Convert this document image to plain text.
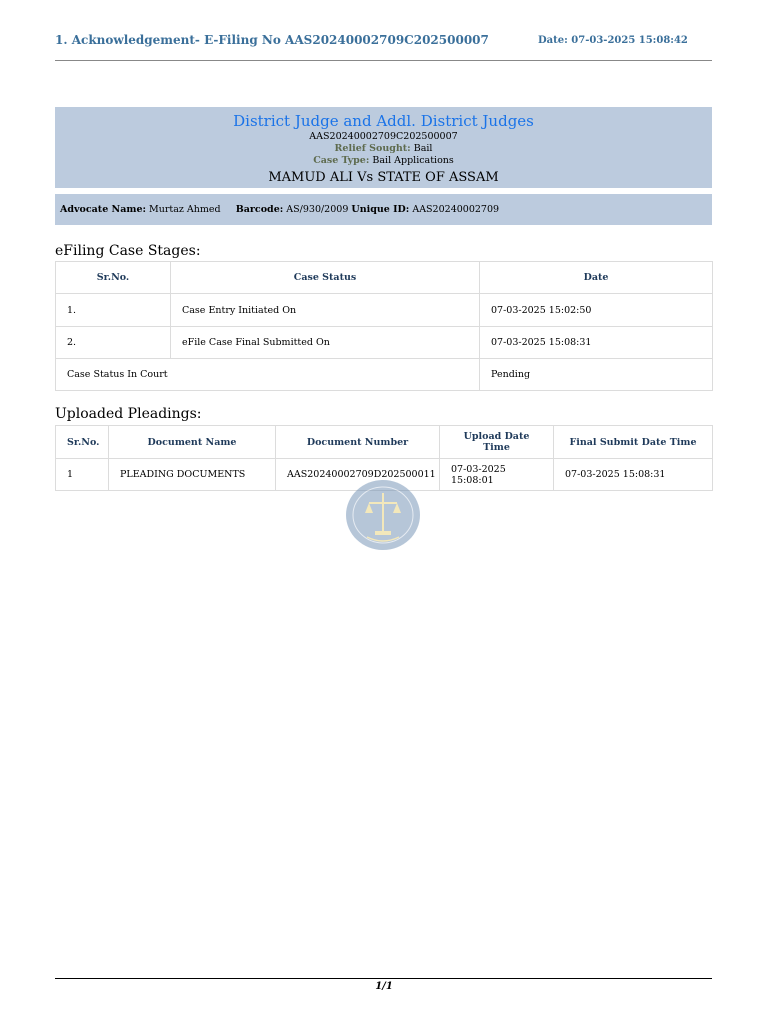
1. Acknowledgement- E-Filing No AAS20240002709C202500007	Date: 07-03-2025 15:08:42
District Judge and Addl. District Judges
AAS20240002709C202500007
Relief Sought: Bail
Case Type: Bail Applications
MAMUD ALI Vs STATE OF ASSAM
Advocate Name: Murtaz Ahmed Barcode: AS/930/2009 Unique ID: AAS20240002709
eFiling Case Stages:
Sr.No.	Case Status	Date
1.	Case Entry Initiated On	07-03-2025 15:02:50
2.	eFile Case Final Submitted On	07-03-2025 15:08:31
Case Status In Court		Pending
Uploaded Pleadings:
Sr.No.	Document Name	Document Number	Upload Date Time	Final Submit Date Time
1	PLEADING DOCUMENTS	AAS20240002709D202500011	07-03-2025 15:08:01	07-03-2025 15:08:31
1/1
